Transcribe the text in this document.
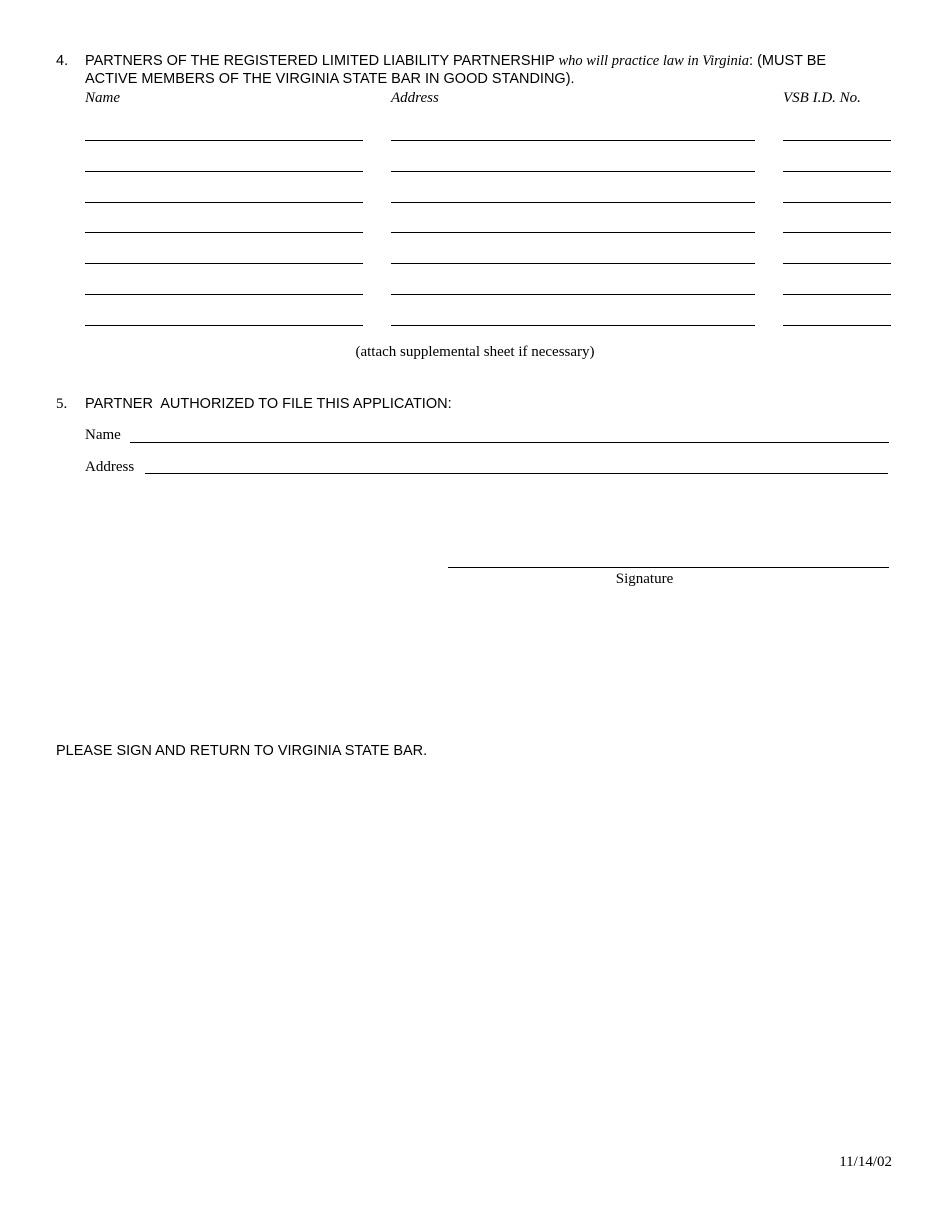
4. PARTNERS OF THE REGISTERED LIMITED LIABILITY PARTNERSHIP who will practice law in Virginia: (MUST BE
ACTIVE MEMBERS OF THE VIRGINIA STATE BAR IN GOOD STANDING).
Name	Address	VSB I.D. No.
(attach supplemental sheet if necessary)
5. PARTNER  AUTHORIZED TO FILE THIS APPLICATION:
Name
Address
Signature
PLEASE SIGN AND RETURN TO VIRGINIA STATE BAR.
11/14/02
